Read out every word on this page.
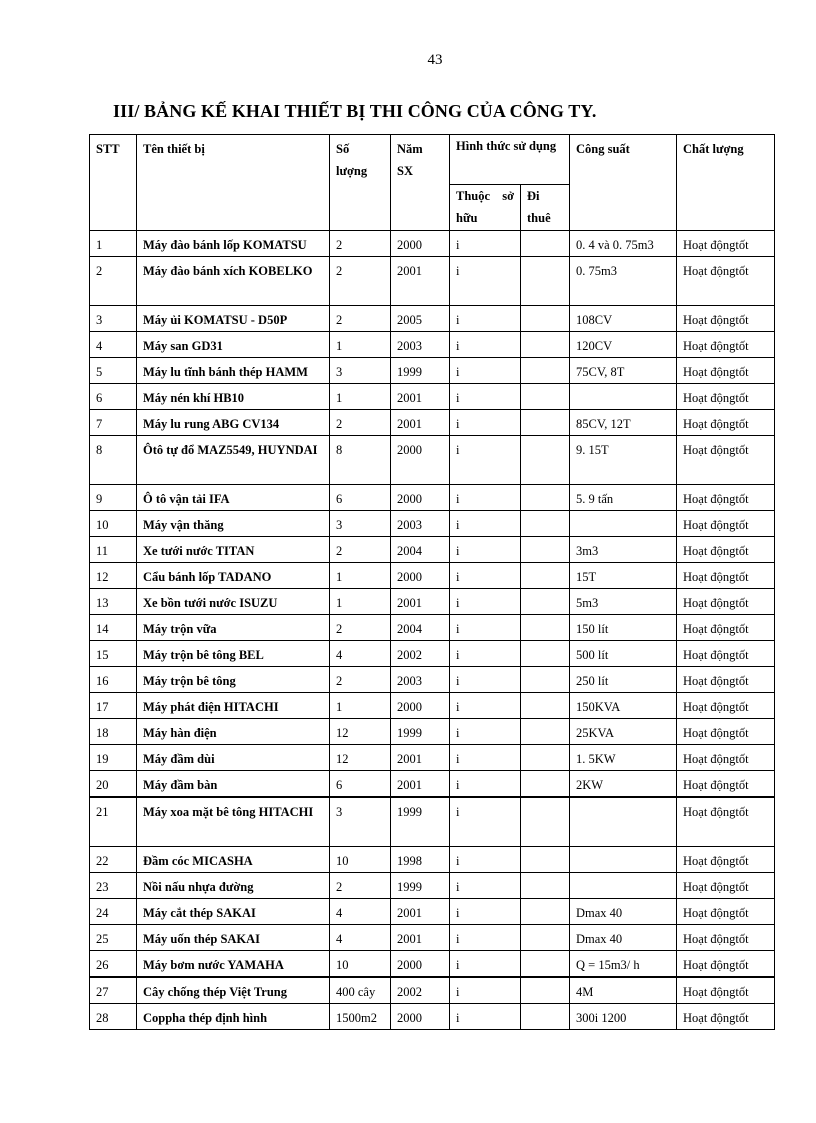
43
III/ BẢNG KẾ KHAI THIẾT BỊ THI CÔNG CỦA CÔNG TY.
STT	Tên thiết bị	Số lượng	Năm SX	Hình thức sử dụng		Công suất	Chất lượng
				Thuộc sở hữu	Đi thuê		
1	Máy đào bánh lốp KOMATSU	2	2000	i		0. 4 và 0. 75m3	Hoạt độngtốt
2	Máy đào bánh xích KOBELKO	2	2001	i		0. 75m3	Hoạt độngtốt
3	Máy ủi KOMATSU - D50P	2	2005	i		108CV	Hoạt độngtốt
4	Máy san GD31	1	2003	i		120CV	Hoạt độngtốt
5	Máy lu tĩnh bánh thép HAMM	3	1999	i		75CV, 8T	Hoạt độngtốt
6	Máy nén khí HB10	1	2001	i			Hoạt độngtốt
7	Máy lu rung ABG CV134	2	2001	i		85CV, 12T	Hoạt độngtốt
8	Ôtô tự đổ MAZ5549, HUYNDAI	8	2000	i		9. 15T	Hoạt độngtốt
9	Ô tô vận tải IFA	6	2000	i		5. 9 tấn	Hoạt độngtốt
10	Máy vận thăng	3	2003	i			Hoạt độngtốt
11	Xe tưới nước TITAN	2	2004	i		3m3	Hoạt độngtốt
12	Cẩu bánh lốp TADANO	1	2000	i		15T	Hoạt độngtốt
13	Xe bồn tưới nước ISUZU	1	2001	i		5m3	Hoạt độngtốt
14	Máy trộn vữa	2	2004	i		150 lít	Hoạt độngtốt
15	Máy trộn bê tông BEL	4	2002	i		500 lít	Hoạt độngtốt
16	Máy trộn bê tông	2	2003	i		250 lít	Hoạt độngtốt
17	Máy phát điện HITACHI	1	2000	i		150KVA	Hoạt độngtốt
18	Máy hàn điện	12	1999	i		25KVA	Hoạt độngtốt
19	Máy đầm dùi	12	2001	i		1. 5KW	Hoạt độngtốt
20	Máy đầm bàn	6	2001	i		2KW	Hoạt độngtốt
21	Máy xoa mặt bê tông HITACHI	3	1999	i			Hoạt độngtốt
22	Đầm cóc MICASHA	10	1998	i			Hoạt độngtốt
23	Nồi nấu nhựa đường	2	1999	i			Hoạt độngtốt
24	Máy cắt thép SAKAI	4	2001	i		Dmax 40	Hoạt độngtốt
25	Máy uốn thép SAKAI	4	2001	i		Dmax 40	Hoạt độngtốt
26	Máy bơm nước YAMAHA	10	2000	i		Q = 15m3/ h	Hoạt độngtốt
27	Cây chống thép Việt Trung	400 cây	2002	i		4M	Hoạt độngtốt
28	Coppha thép định hình	1500m2	2000	i		300i 1200	Hoạt độngtốt
